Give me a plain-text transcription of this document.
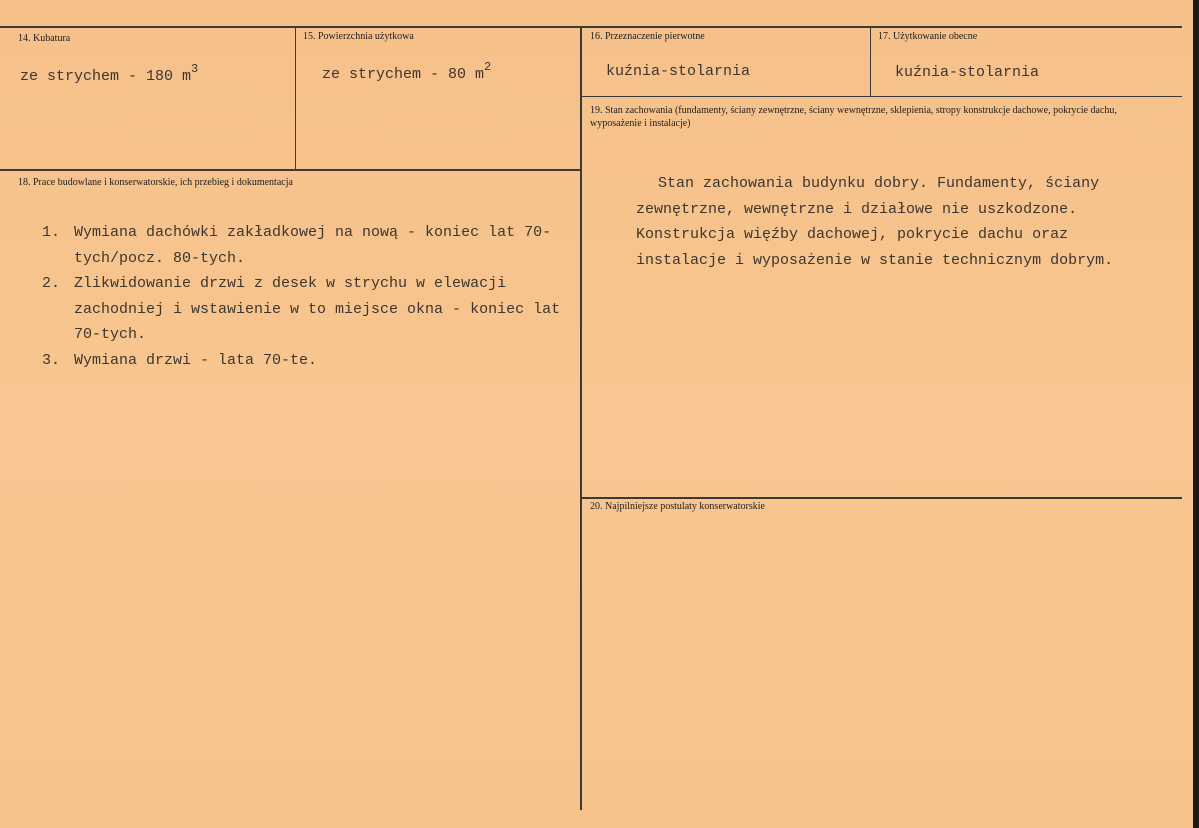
14. Kubatura
ze strychem - 180 $m^3$
15. Powierzchnia użytkowa
ze strychem - 80 $m^2$
16. Przeznaczenie pierwotne
kuźnia-stolarnia
17. Użytkowanie obecne
kuźnia-stolarnia
18. Prace budowlane i konserwatorskie, ich przebieg i dokumentacja
1. Wymiana dachówki zakładkowej na nową - koniec lat 70-tych/pocz. 80-tych.
2. Zlikwidowanie drzwi z desek w strychu w elewacji zachodniej i wstawienie w to miejsce okna - koniec lat 70-tych.
3. Wymiana drzwi - lata 70-te.
19. Stan zachowania (fundamenty, ściany zewnętrzne, ściany wewnętrzne, sklepienia, stropy konstrukcje dachowe, pokrycie dachu, wyposażenie i instalacje)
Stan zachowania budynku dobry. Fundamenty, ściany zewnętrzne, wewnętrzne i działowe nie uszkodzone. Konstrukcja więźby dachowej, pokrycie dachu oraz instalacje i wyposażenie w stanie technicznym dobrym.
20. Najpilniejsze postulaty konserwatorskie
